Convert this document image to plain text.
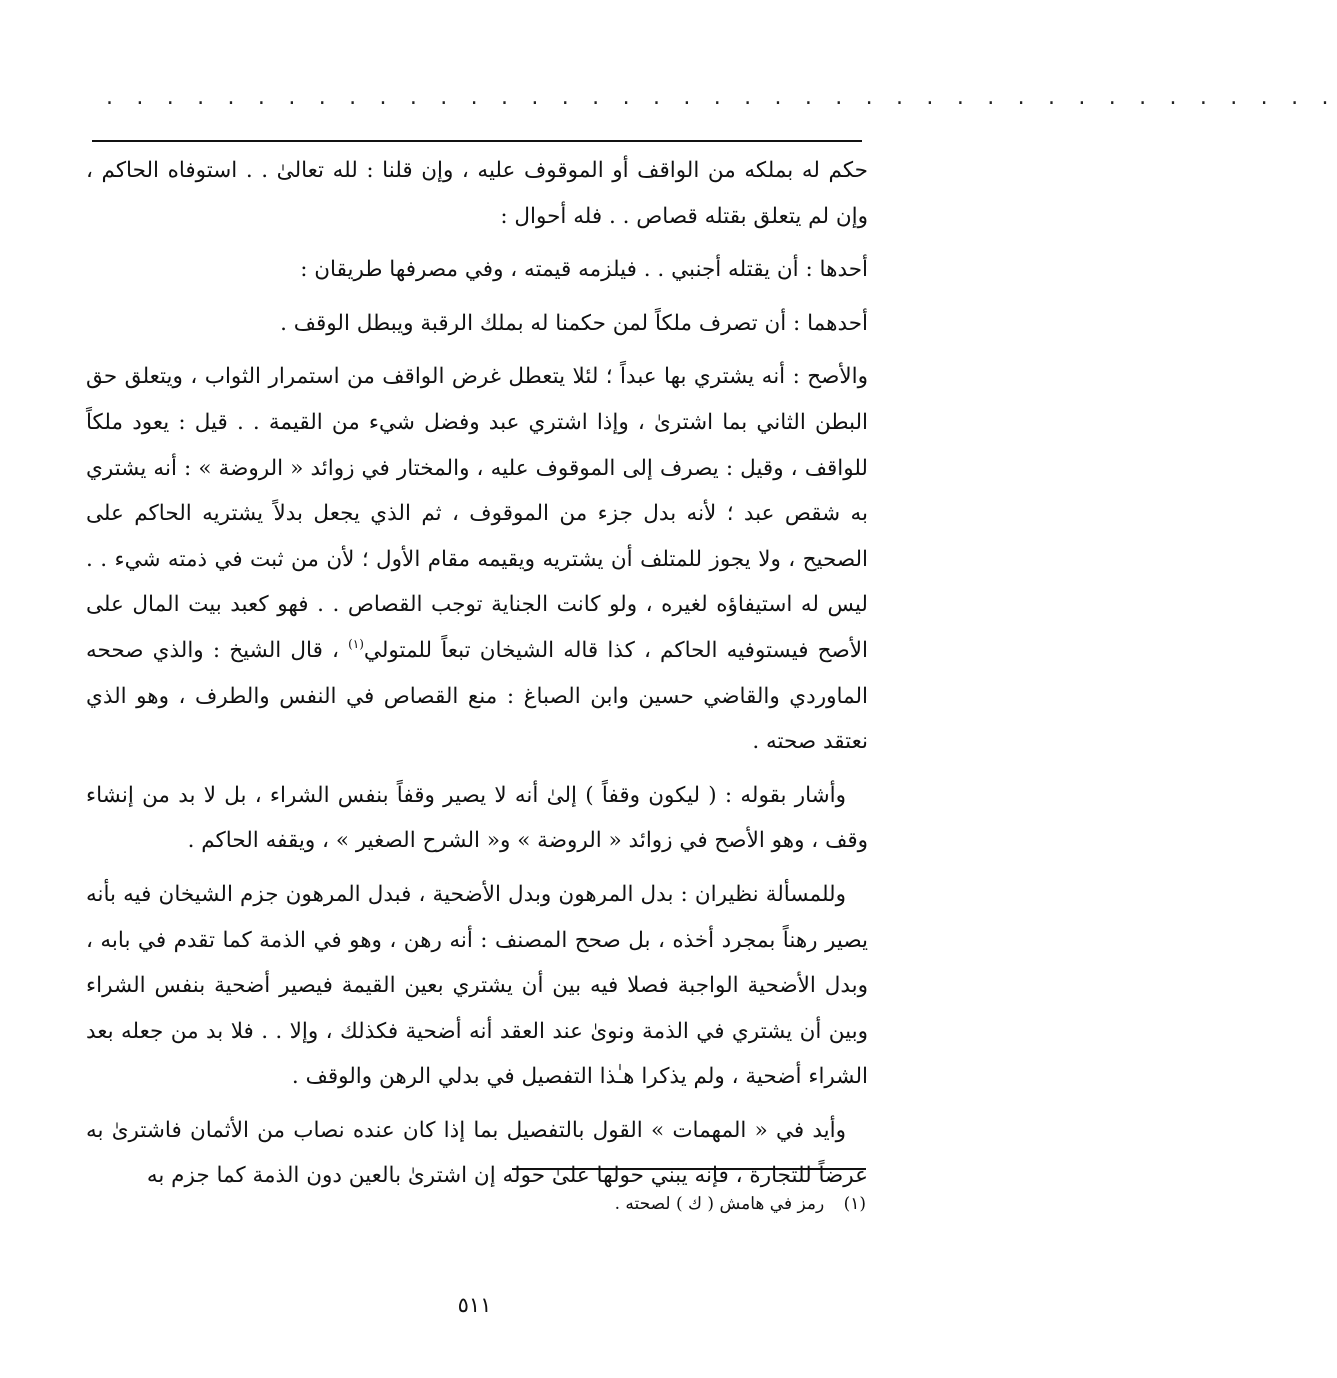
. . . . . . . . . . . . . . . . . . . . . . . . . . . . . . . . . . . . . . . . .

حكم له بملكه من الواقف أو الموقوف عليه ، وإن قلنا : لله تعالىٰ . . استوفاه الحاكم ، وإن لم يتعلق بقتله قصاص . . فله أحوال :

أحدها : أن يقتله أجنبي . . فيلزمه قيمته ، وفي مصرفها طريقان :

أحدهما : أن تصرف ملكاً لمن حكمنا له بملك الرقبة ويبطل الوقف .

والأصح : أنه يشتري بها عبداً ؛ لئلا يتعطل غرض الواقف من استمرار الثواب ، ويتعلق حق البطن الثاني بما اشترىٰ ، وإذا اشتري عبد وفضل شيء من القيمة . . قيل : يعود ملكاً للواقف ، وقيل : يصرف إلى الموقوف عليه ، والمختار في زوائد « الروضة » : أنه يشتري به شقص عبد ؛ لأنه بدل جزء من الموقوف ، ثم الذي يجعل بدلاً يشتريه الحاكم على الصحيح ، ولا يجوز للمتلف أن يشتريه ويقيمه مقام الأول ؛ لأن من ثبت في ذمته شيء . . ليس له استيفاؤه لغيره ، ولو كانت الجناية توجب القصاص . . فهو كعبد بيت المال على الأصح فيستوفيه الحاكم ، كذا قاله الشيخان تبعاً للمتولي$^{(١)}$ ، قال الشيخ : والذي صححه الماوردي والقاضي حسين وابن الصباغ : منع القصاص في النفس والطرف ، وهو الذي نعتقد صحته .

وأشار بقوله : ( ليكون وقفاً ) إلىٰ أنه لا يصير وقفاً بنفس الشراء ، بل لا بد من إنشاء وقف ، وهو الأصح في زوائد « الروضة » و« الشرح الصغير » ، ويقفه الحاكم .

وللمسألة نظيران : بدل المرهون وبدل الأضحية ، فبدل المرهون جزم الشيخان فيه بأنه يصير رهناً بمجرد أخذه ، بل صحح المصنف : أنه رهن ، وهو في الذمة كما تقدم في بابه ، وبدل الأضحية الواجبة فصلا فيه بين أن يشتري بعين القيمة فيصير أضحية بنفس الشراء وبين أن يشتري في الذمة ونوىٰ عند العقد أنه أضحية فكذلك ، وإلا . . فلا بد من جعله بعد الشراء أضحية ، ولم يذكرا هـٰذا التفصيل في بدلي الرهن والوقف .

وأيد في « المهمات » القول بالتفصيل بما إذا كان عنده نصاب من الأثمان فاشترىٰ به عرضاً للتجارة ، فإنه يبني حولها علىٰ حوله إن اشترىٰ بالعين دون الذمة كما جزم به

(١) رمز في هامش ( ك ) لصحته .
٥١١
